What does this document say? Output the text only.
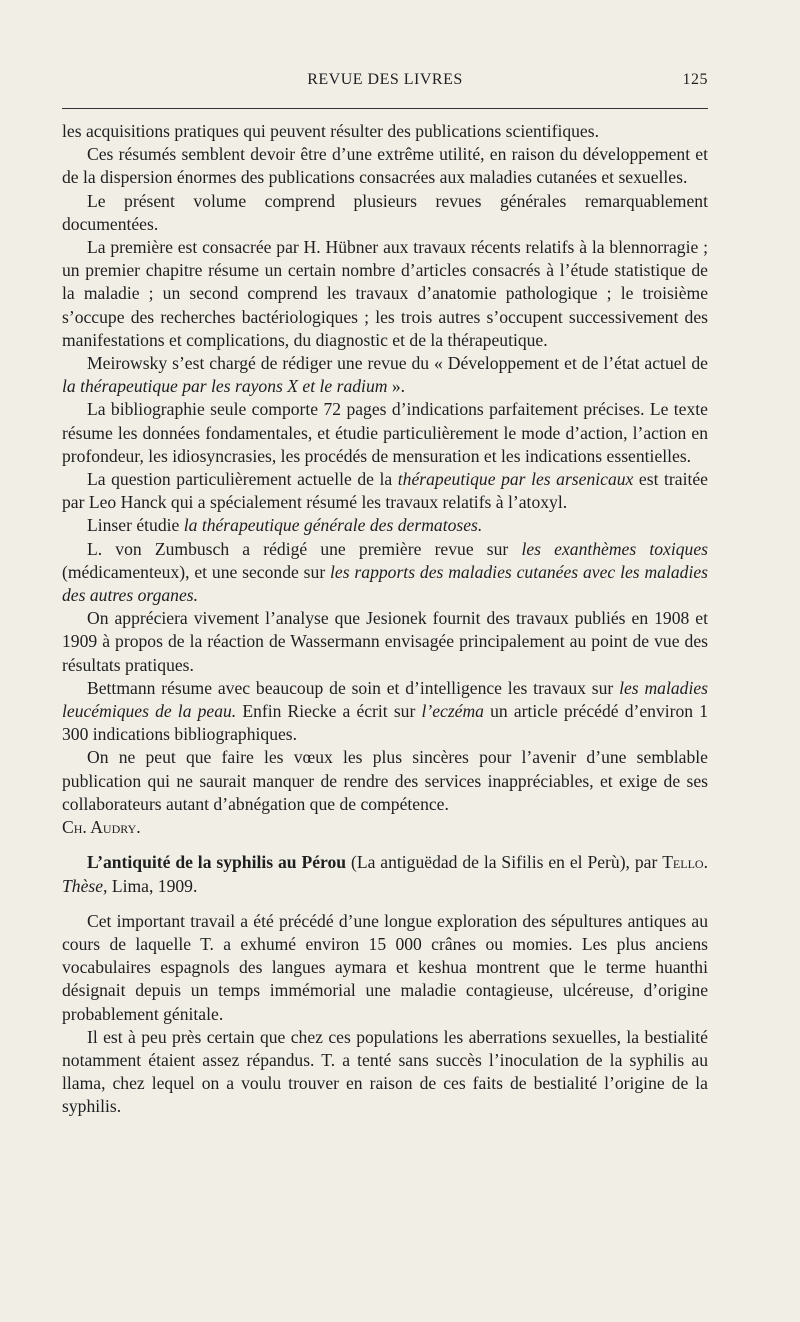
REVUE DES LIVRES	125

les acquisitions pratiques qui peuvent résulter des publications scientifiques.

Ces résumés semblent devoir être d’une extrême utilité, en raison du développement et de la dispersion énormes des publications consacrées aux maladies cutanées et sexuelles.

Le présent volume comprend plusieurs revues générales remarquablement documentées.

La première est consacrée par H. Hübner aux travaux récents relatifs à la blennorragie ; un premier chapitre résume un certain nombre d’articles consacrés à l’étude statistique de la maladie ; un second comprend les travaux d’anatomie pathologique ; le troisième s’occupe des recherches bactériologiques ; les trois autres s’occupent successivement des manifestations et complications, du diagnostic et de la thérapeutique.

Meirowsky s’est chargé de rédiger une revue du « Développement et de l’état actuel de la thérapeutique par les rayons X et le radium ».

La bibliographie seule comporte 72 pages d’indications parfaitement précises. Le texte résume les données fondamentales, et étudie particulièrement le mode d’action, l’action en profondeur, les idiosyncrasies, les procédés de mensuration et les indications essentielles.

La question particulièrement actuelle de la thérapeutique par les arsenicaux est traitée par Leo Hanck qui a spécialement résumé les travaux relatifs à l’atoxyl.

Linser étudie la thérapeutique générale des dermatoses.

L. von Zumbusch a rédigé une première revue sur les exanthèmes toxiques (médicamenteux), et une seconde sur les rapports des maladies cutanées avec les maladies des autres organes.

On appréciera vivement l’analyse que Jesionek fournit des travaux publiés en 1908 et 1909 à propos de la réaction de Wassermann envisagée principalement au point de vue des résultats pratiques.

Bettmann résume avec beaucoup de soin et d’intelligence les travaux sur les maladies leucémiques de la peau. Enfin Riecke a écrit sur l’eczéma un article précédé d’environ 1 300 indications bibliographiques.

On ne peut que faire les vœux les plus sincères pour l’avenir d’une semblable publication qui ne saurait manquer de rendre des services inappréciables, et exige de ses collaborateurs autant d’abnégation que de compétence.

Ch. Audry.

L’antiquité de la syphilis au Pérou (La antiguëdad de la Sifilis en el Perù), par Tello. Thèse, Lima, 1909.

Cet important travail a été précédé d’une longue exploration des sépultures antiques au cours de laquelle T. a exhumé environ 15 000 crânes ou momies. Les plus anciens vocabulaires espagnols des langues aymara et keshua montrent que le terme huanthi désignait depuis un temps immémorial une maladie contagieuse, ulcéreuse, d’origine probablement génitale.

Il est à peu près certain que chez ces populations les aberrations sexuelles, la bestialité notamment étaient assez répandus. T. a tenté sans succès l’inoculation de la syphilis au llama, chez lequel on a voulu trouver en raison de ces faits de bestialité l’origine de la syphilis.
